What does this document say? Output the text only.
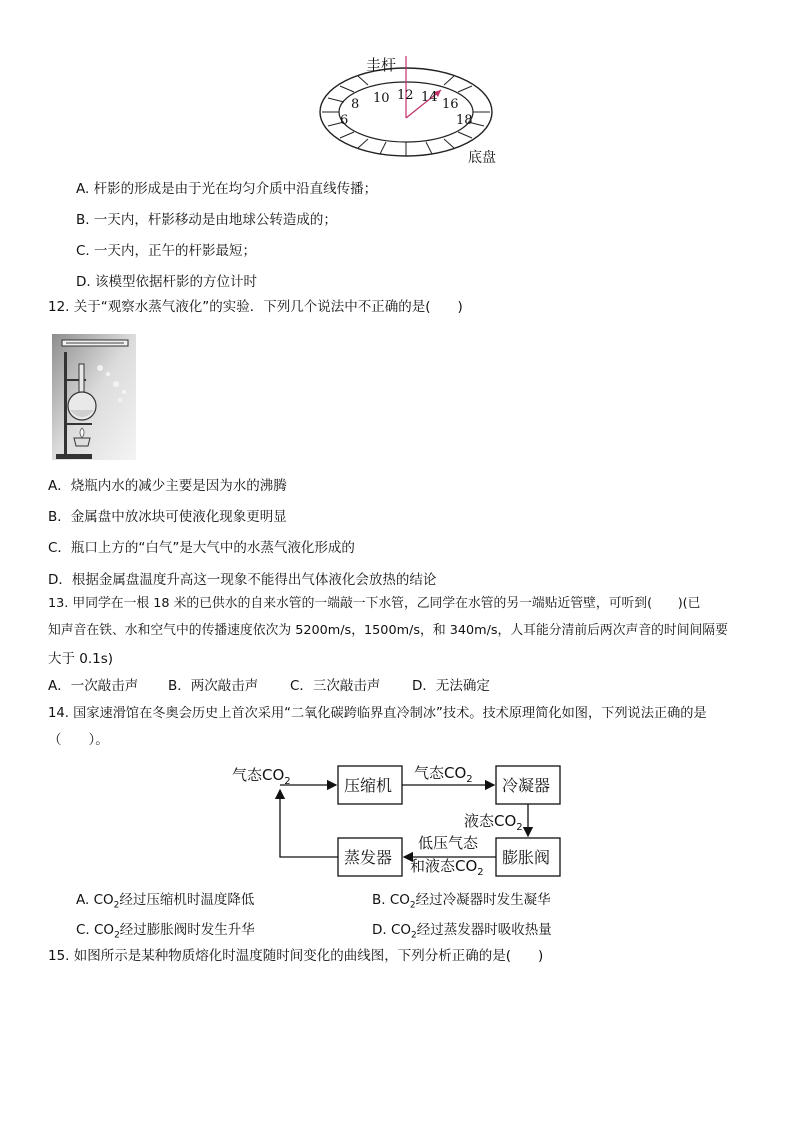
圭杆
底盘
6
8 10 12 14 16
18
A. 杆影的形成是由于光在均匀介质中沿直线传播；
B. 一天内，杆影移动是由地球公转造成的；
C. 一天内，正午的杆影最短；
D. 该模型依据杆影的方位计时
12. 关于“观察水蒸气液化”的实验．下列几个说法中不正确的是(　　)
A．烧瓶内水的减少主要是因为水的沸腾
B．金属盘中放冰块可使液化现象更明显
C．瓶口上方的“白气”是大气中的水蒸气液化形成的
D．根据金属盘温度升高这一现象不能得出气体液化会放热的结论
13. 甲同学在一根 18 米的已供水的自来水管的一端敲一下水管，乙同学在水管的另一端贴近管壁，可听到(　　)(已
知声音在铁、水和空气中的传播速度依次为 5200m/s，1500m/s，和 340m/s，人耳能分清前后两次声音的时间间隔要
大于 0.1s)
A．一次敲击声 B．两次敲击声 C．三次敲击声 D．无法确定
14. 国家速滑馆在冬奥会历史上首次采用“二氧化碳跨临界直冷制冰”技术。技术原理简化如图，下列说法正确的是
（　　）。
压缩机	冷凝器
蒸发器	膨胀阀
气态$CO_2$	气态$CO_2$
液态$CO_2$
低压气态
和液态$CO_2$
A. $CO_2$经过压缩机时温度降低	B. $CO_2$经过冷凝器时发生凝华
C. $CO_2$经过膨胀阀时发生升华	D. $CO_2$经过蒸发器时吸收热量
15. 如图所示是某种物质熔化时温度随时间变化的曲线图，下列分析正确的是(　　)
